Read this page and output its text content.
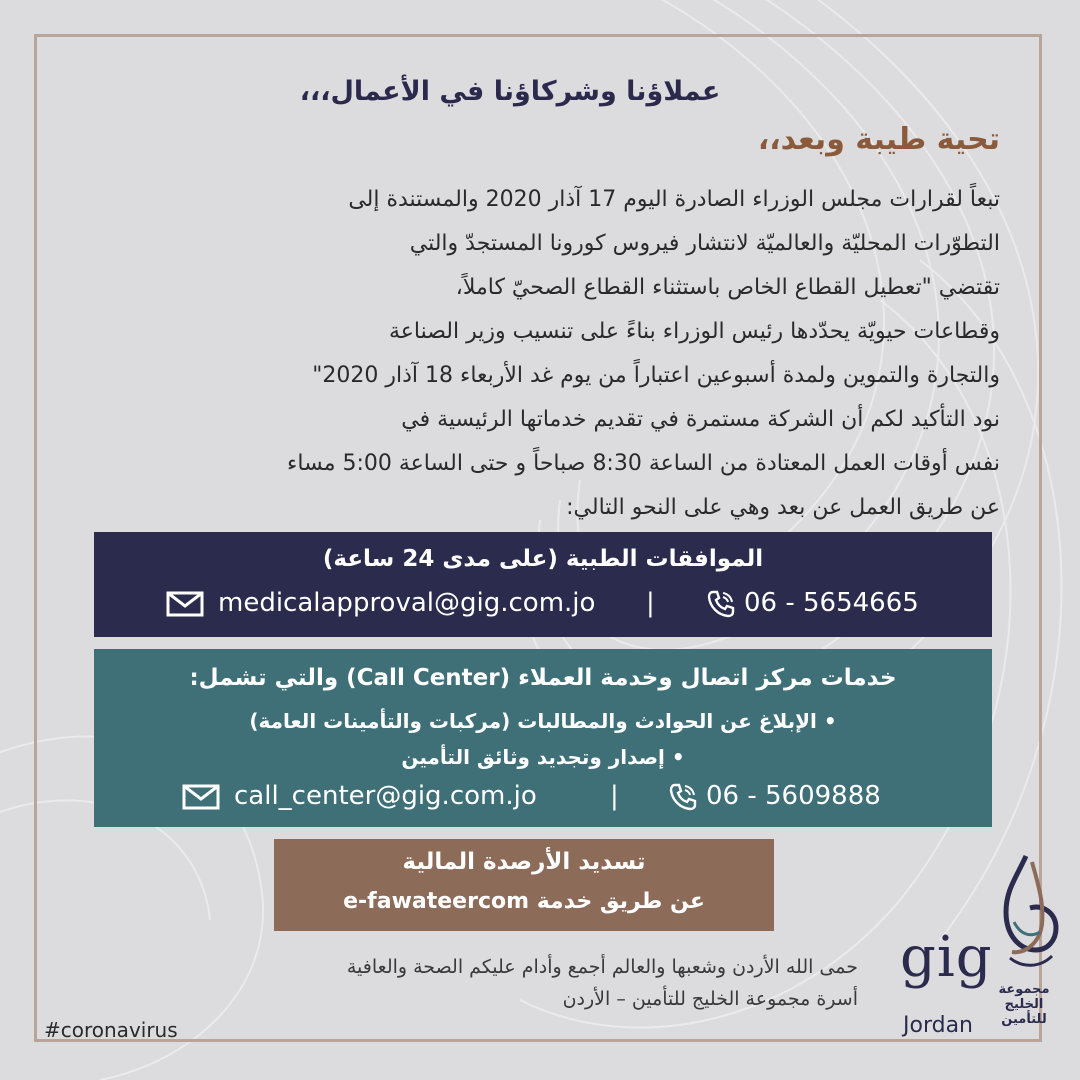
عملاؤنا وشركاؤنا في الأعمال،،،
تحية طيبة وبعد،،
تبعاً لقرارات مجلس الوزراء الصادرة اليوم 17 آذار 2020 والمستندة إلى
التطوّرات المحليّة والعالميّة لانتشار فيروس كورونا المستجدّ والتي
تقتضي "تعطيل القطاع الخاص باستثناء القطاع الصحيّ كاملاً،
وقطاعات حيويّة يحدّدها رئيس الوزراء بناءً على تنسيب وزير الصناعة
والتجارة والتموين ولمدة أسبوعين اعتباراً من يوم غد الأربعاء 18 آذار 2020"
نود التأكيد لكم أن الشركة مستمرة في تقديم خدماتها الرئيسية في
نفس أوقات العمل المعتادة من الساعة 8:30 صباحاً و حتى الساعة 5:00 مساء
عن طريق العمل عن بعد وهي على النحو التالي:
الموافقات الطبية (على مدى 24 ساعة)
medicalapproval@gig.com.jo |	06 - 5654665
خدمات مركز اتصال وخدمة العملاء (Call Center) والتي تشمل:
• الإبلاغ عن الحوادث والمطالبات (مركبات والتأمينات العامة)
• إصدار وتجديد وثائق التأمين
call_center@gig.com.jo	|	06 - 5609888
تسديد الأرصدة المالية
عن طريق خدمة e-fawateercom
حمى الله الأردن وشعبها والعالم أجمع وأدام عليكم الصحة والعافية
أسرة مجموعة الخليج للتأمين – الأردن
#coronavirus
gig
Jordan
مجموعة
الخليج
للتأمين
